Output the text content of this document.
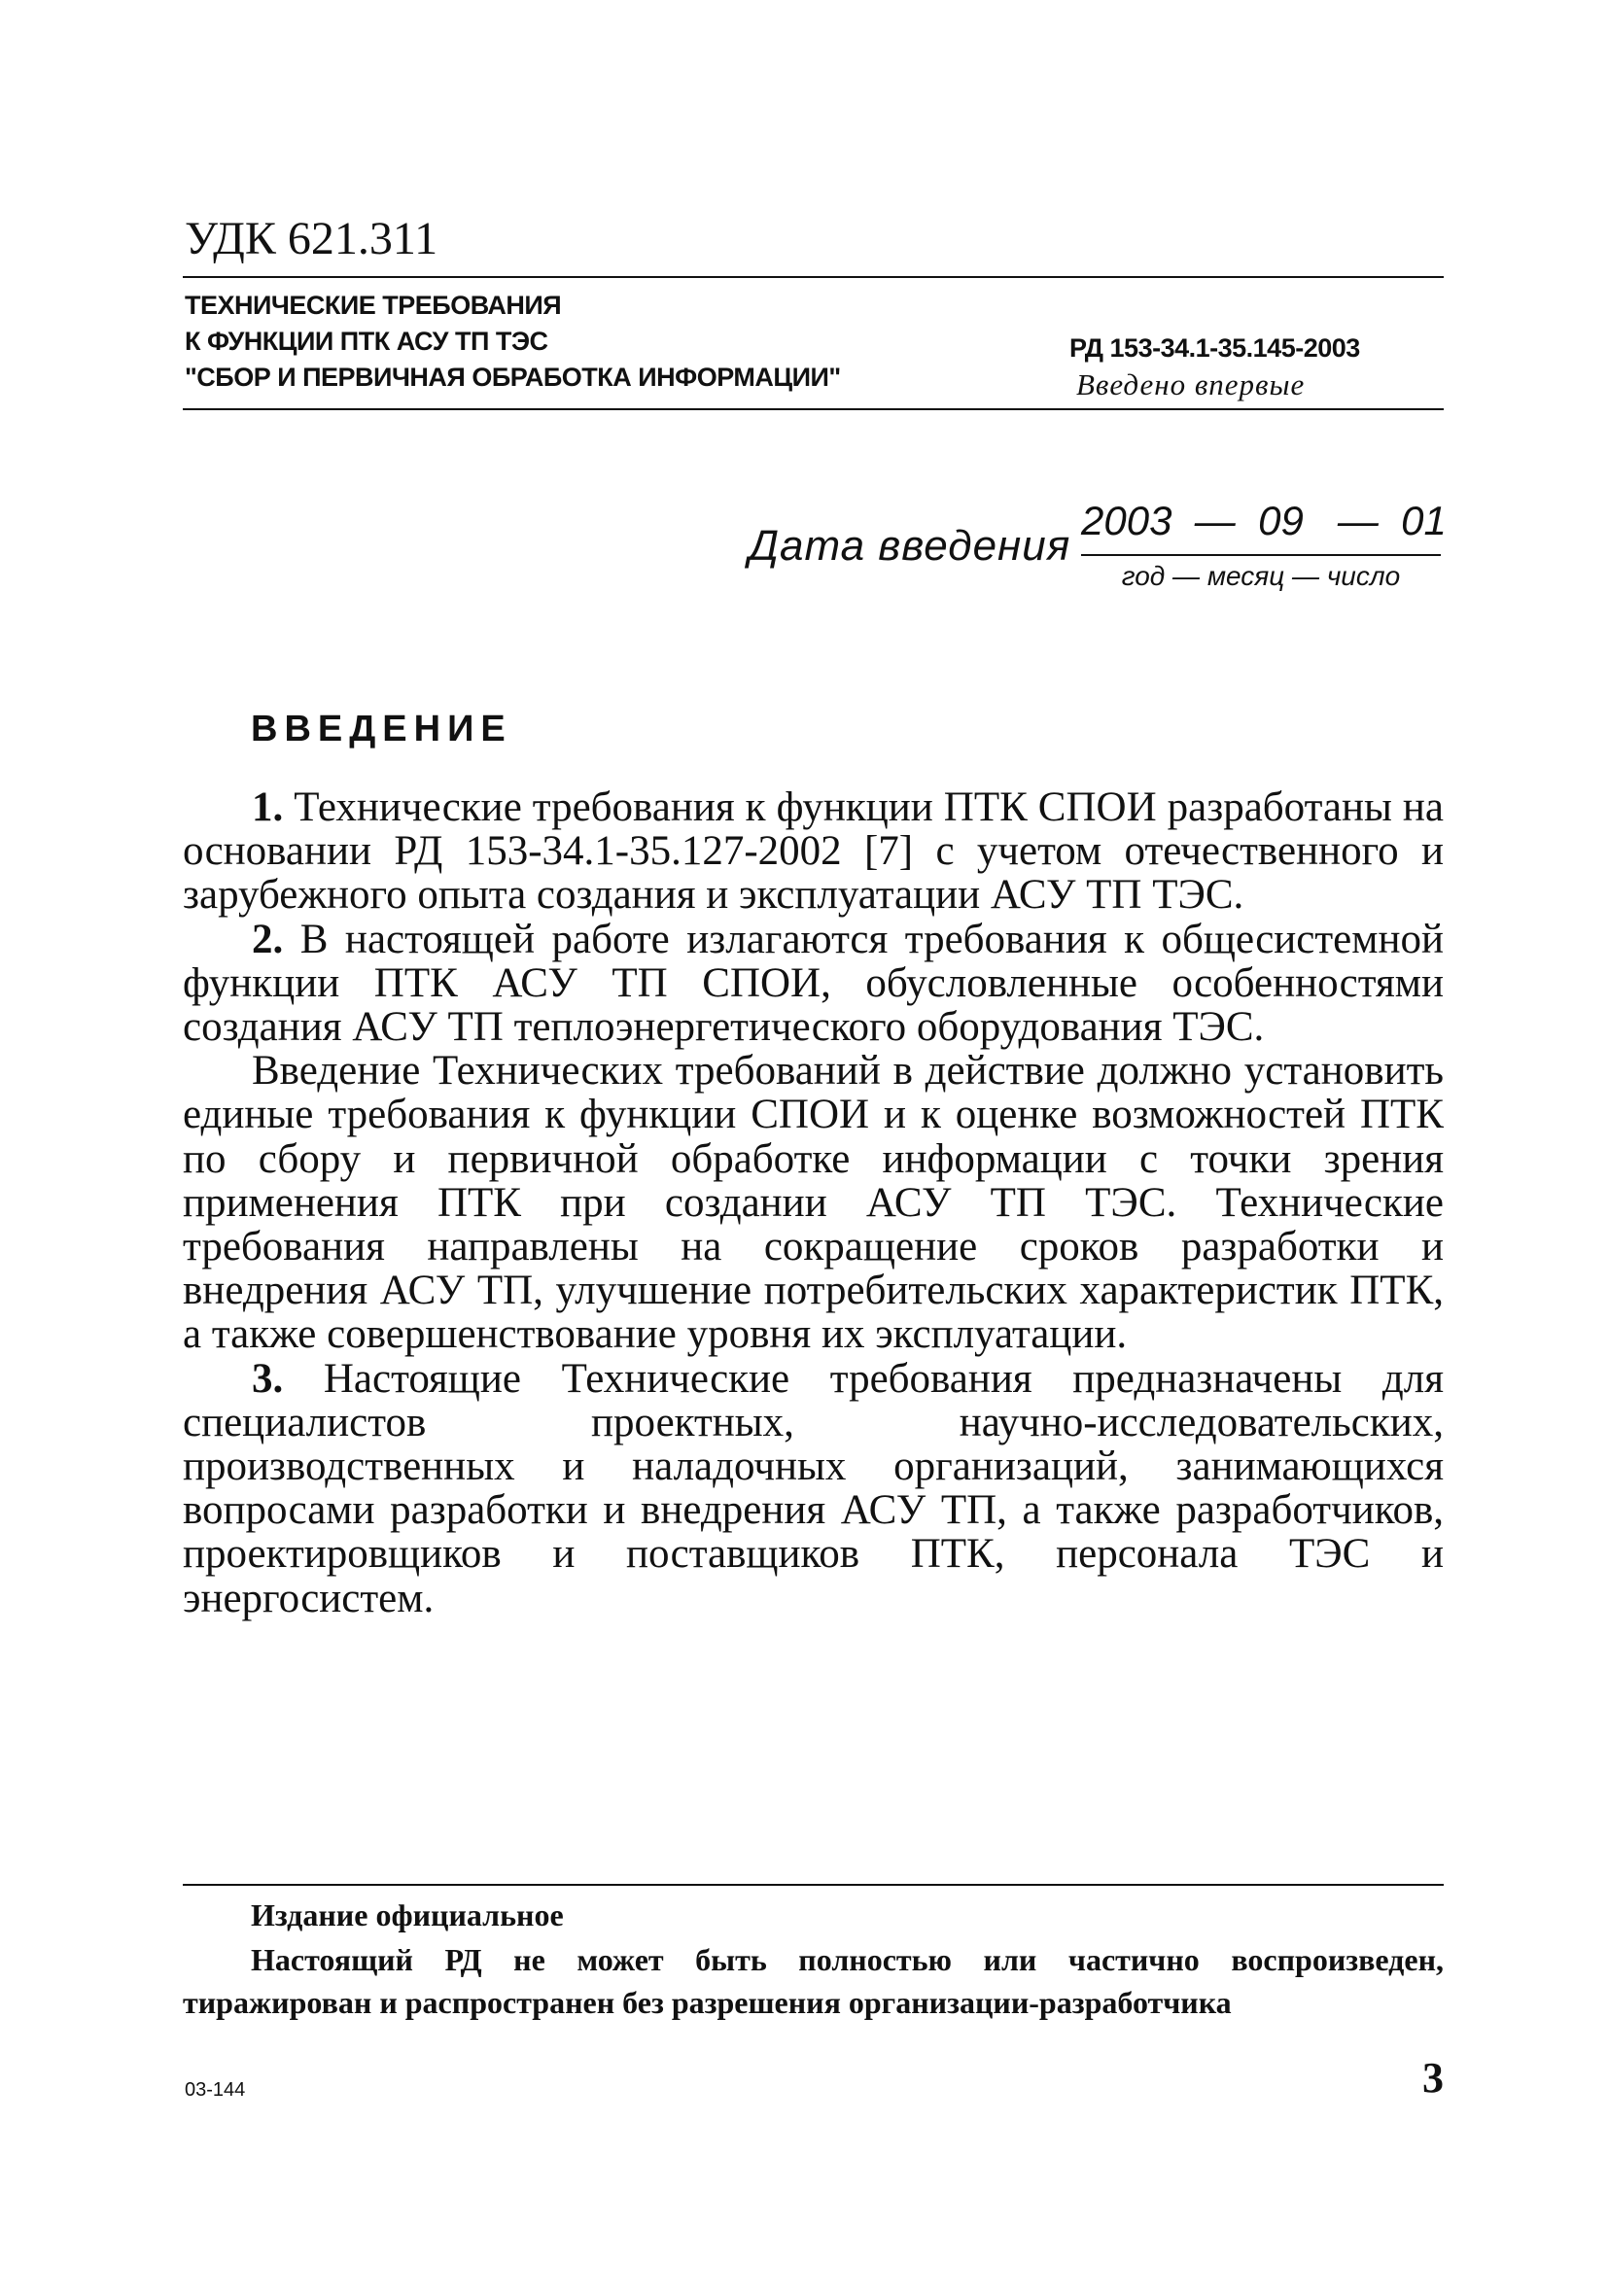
УДК 621.311
ТЕХНИЧЕСКИЕ ТРЕБОВАНИЯ
К ФУНКЦИИ ПТК АСУ ТП ТЭС
"СБОР И ПЕРВИЧНАЯ ОБРАБОТКА ИНФОРМАЦИИ"
РД 153-34.1-35.145-2003
Введено впервые
Дата введения
2003  —  09   —  01
год — месяц — число
ВВЕДЕНИЕ

1. Технические требования к функции ПТК СПОИ разработаны на основании РД 153-34.1-35.127-2002 [7] с учетом отечественного и зарубежного опыта создания и эксплуатации АСУ ТП ТЭС.

2. В настоящей работе излагаются требования к общесистемной функции ПТК АСУ ТП СПОИ, обусловленные особенностями создания АСУ ТП теплоэнергетического оборудования ТЭС.

Введение Технических требований в действие должно установить единые требования к функции СПОИ и к оценке возможностей ПТК по сбору и первичной обработке информации с точки зрения применения ПТК при создании АСУ ТП ТЭС. Технические требования направлены на сокращение сроков разработки и внедрения АСУ ТП, улучшение потребительских характеристик ПТК, а также совершенствование уровня их эксплуатации.

3. Настоящие Технические требования предназначены для специалистов проектных, научно-исследовательских, производственных и наладочных организаций, занимающихся вопросами разработки и внедрения АСУ ТП, а также разработчиков, проектировщиков и поставщиков ПТК, персонала ТЭС и энергосистем.

Издание официальное

Настоящий РД не может быть полностью или частично воспроизведен, тиражирован и распространен без разрешения организации-разработчика

03-144	3
